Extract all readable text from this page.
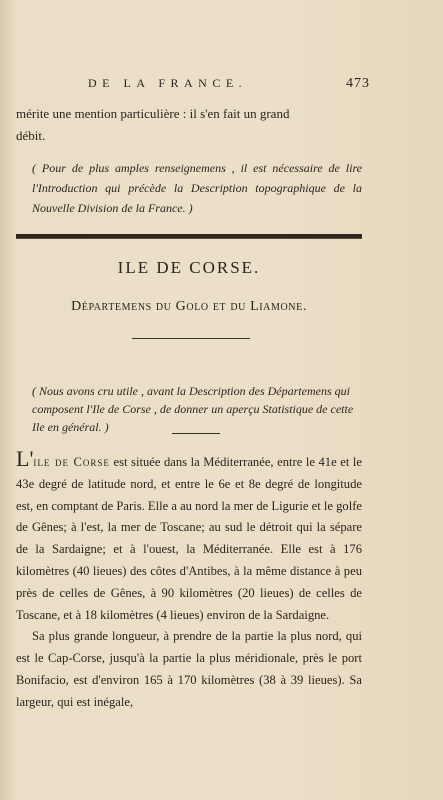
DE LA FRANCE.	473

mérite une mention particulière : il s'en fait un grand

débit.

( Pour de plus amples renseignemens , il est nécessaire de lire l'Introduction qui précède la Description topographique de la Nouvelle Division de la France. )

ILE DE CORSE.
Départemens du Golo et du Liamone.

( Nous avons cru utile , avant la Description des Départemens qui composent l'Ile de Corse , de donner un aperçu Statistique de cette Ile en général. )

L'ile de Corse est située dans la Méditerranée, entre le 41e et le 43e degré de latitude nord, et entre le 6e et 8e degré de longitude est, en comptant de Paris. Elle a au nord la mer de Ligurie et le golfe de Gênes; à l'est, la mer de Toscane; au sud le détroit qui la sépare de la Sardaigne; et à l'ouest, la Méditerranée. Elle est à 176 kilomètres (40 lieues) des côtes d'Antibes, à la même distance à peu près de celles de Gênes, à 90 kilomètres (20 lieues) de celles de Toscane, et à 18 kilomètres (4 lieues) environ de la Sardaigne.

Sa plus grande longueur, à prendre de la partie la plus nord, qui est le Cap-Corse, jusqu'à la partie la plus méridionale, près le port Bonifacio, est d'environ 165 à 170 kilomètres (38 à 39 lieues). Sa largeur, qui est inégale,
